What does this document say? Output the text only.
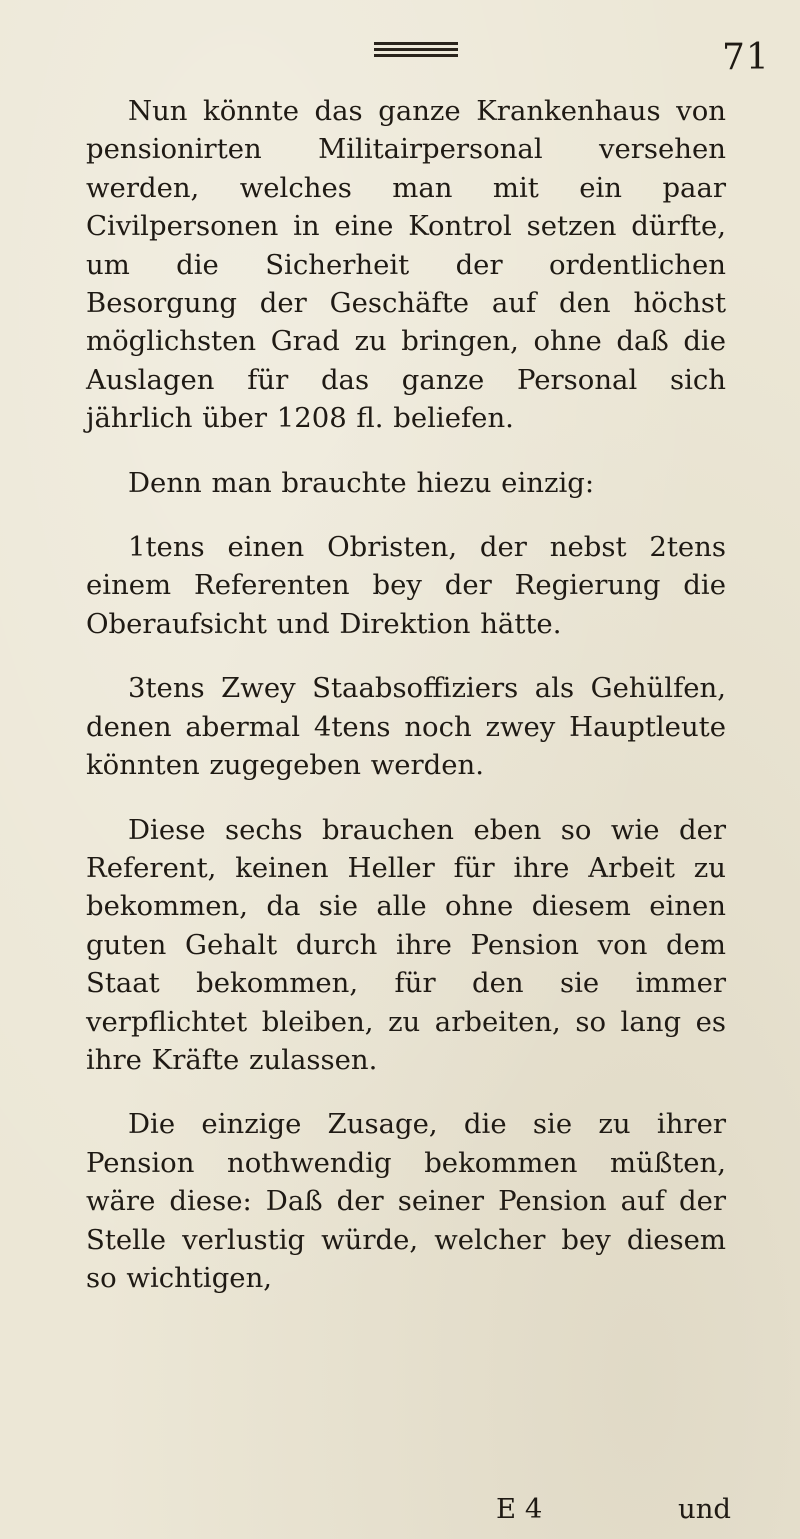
71

Nun könnte das ganze Krankenhaus von pensionirten Militairpersonal versehen werden, welches man mit ein paar Civilpersonen in eine Kontrol setzen dürfte, um die Sicherheit der ordentlichen Besorgung der Geschäfte auf den höchst möglichsten Grad zu bringen, ohne daß die Auslagen für das ganze Personal sich jährlich über 1208 fl. beliefen.

Denn man brauchte hiezu einzig:

1tens einen Obristen, der nebst 2tens einem Referenten bey der Regierung die Oberaufsicht und Direktion hätte.

3tens Zwey Staabsoffiziers als Gehülfen, denen abermal 4tens noch zwey Hauptleute könnten zugegeben werden.

Diese sechs brauchen eben so wie der Referent, keinen Heller für ihre Arbeit zu bekommen, da sie alle ohne diesem einen guten Gehalt durch ihre Pension von dem Staat bekommen, für den sie immer verpflichtet bleiben, zu arbeiten, so lang es ihre Kräfte zulassen.

Die einzige Zusage, die sie zu ihrer Pension nothwendig bekommen müßten, wäre diese: Daß der seiner Pension auf der Stelle verlustig würde, welcher bey diesem so wichtigen,

E 4	und
